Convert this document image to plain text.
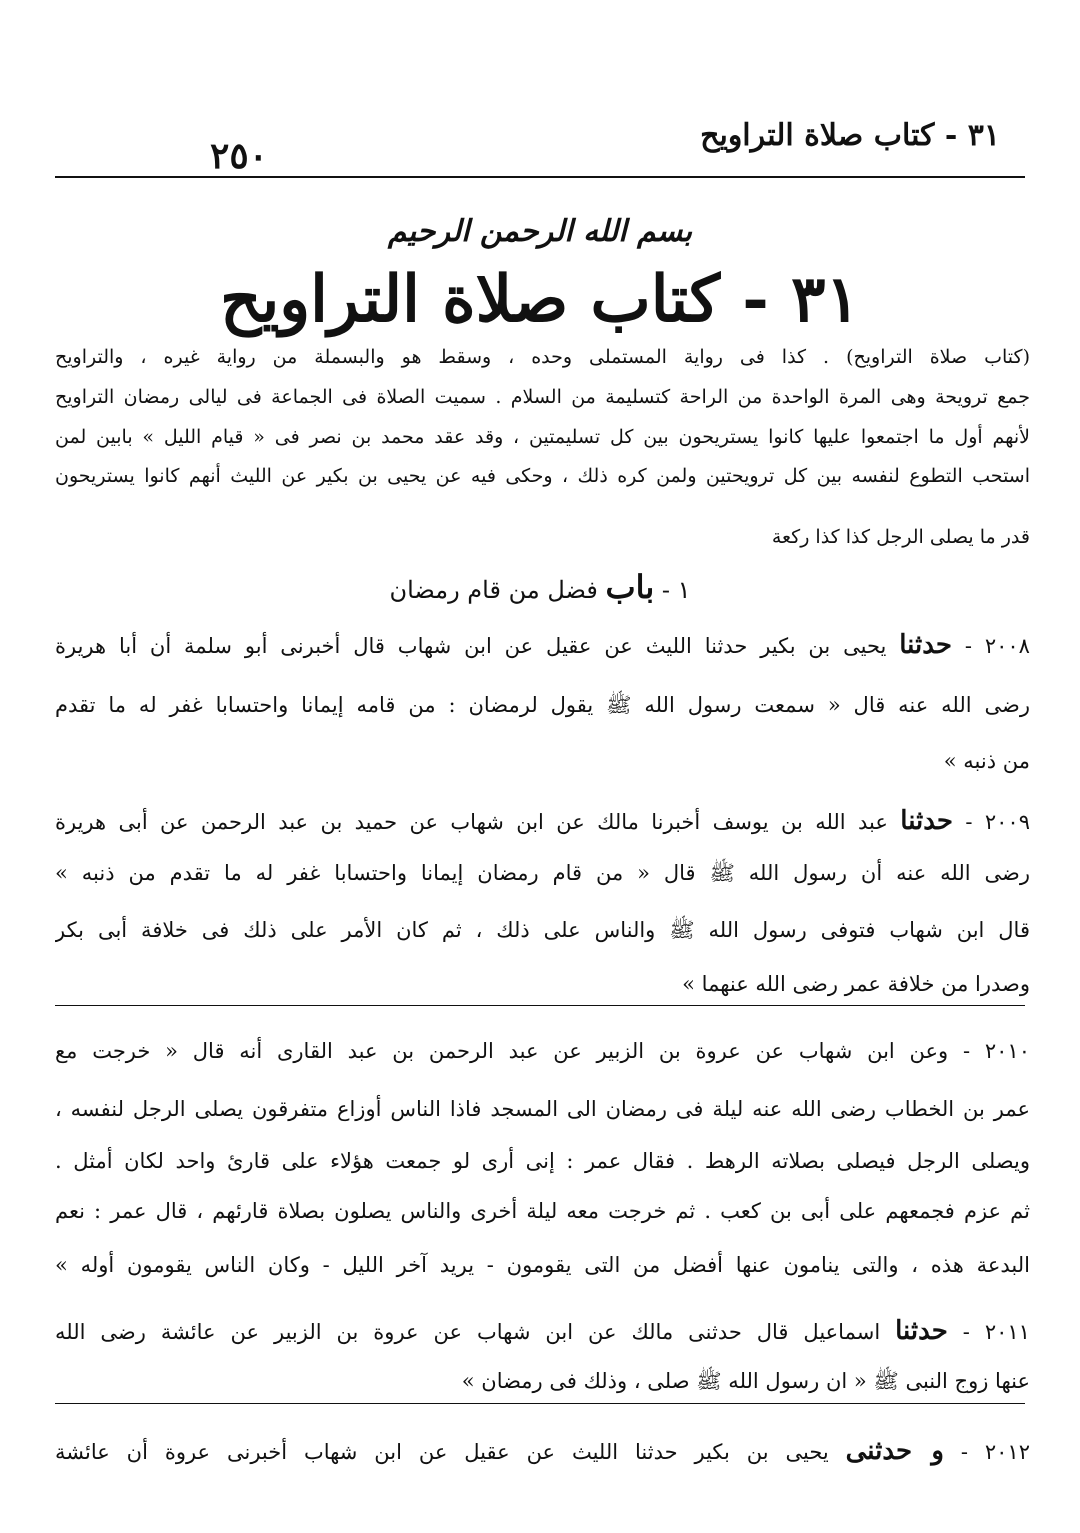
٣١ - كتاب صلاة التراويح
٢٥٠
بسم الله الرحمن الرحيم
٣١ - كتاب صلاة التراويح
(كتاب صلاة التراويح) . كذا فى رواية المستملى وحده ، وسقط هو والبسملة من رواية غيره ، والتراويح
جمع ترويحة وهى المرة الواحدة من الراحة كتسليمة من السلام . سميت الصلاة فى الجماعة فى ليالى رمضان التراويح
لأنهم أول ما اجتمعوا عليها كانوا يستريحون بين كل تسليمتين ، وقد عقد محمد بن نصر فى « قيام الليل » بابين لمن
استحب التطوع لنفسه بين كل ترويحتين ولمن كره ذلك ، وحكى فيه عن يحيى بن بكير عن الليث أنهم كانوا يستريحون
قدر ما يصلى الرجل كذا كذا ركعة
١ - باب فضل من قام رمضان
٢٠٠٨ - حدثنا يحيى بن بكير حدثنا الليث عن عقيل عن ابن شهاب قال أخبرنى أبو سلمة أن أبا هريرة
رضى الله عنه قال « سمعت رسول الله ﷺ يقول لرمضان : من قامه إيمانا واحتسابا غفر له ما تقدم
من ذنبه »
٢٠٠٩ - حدثنا عبد الله بن يوسف أخبرنا مالك عن ابن شهاب عن حميد بن عبد الرحمن عن أبى هريرة
رضى الله عنه أن رسول الله ﷺ قال « من قام رمضان إيمانا واحتسابا غفر له ما تقدم من ذنبه »
قال ابن شهاب فتوفى رسول الله ﷺ والناس على ذلك ، ثم كان الأمر على ذلك فى خلافة أبى بكر
وصدرا من خلافة عمر رضى الله عنهما »
٢٠١٠ - وعن ابن شهاب عن عروة بن الزبير عن عبد الرحمن بن عبد القارى أنه قال « خرجت مع
عمر بن الخطاب رضى الله عنه ليلة فى رمضان الى المسجد فاذا الناس أوزاع متفرقون يصلى الرجل لنفسه ،
ويصلى الرجل فيصلى بصلاته الرهط . فقال عمر : إنى أرى لو جمعت هؤلاء على قارئ واحد لكان أمثل .
ثم عزم فجمعهم على أبى بن كعب . ثم خرجت معه ليلة أخرى والناس يصلون بصلاة قارئهم ، قال عمر : نعم
البدعة هذه ، والتى ينامون عنها أفضل من التى يقومون - يريد آخر الليل - وكان الناس يقومون أوله »
٢٠١١ - حدثنا اسماعيل قال حدثنى مالك عن ابن شهاب عن عروة بن الزبير عن عائشة رضى الله
عنها زوج النبى ﷺ « ان رسول الله ﷺ صلى ، وذلك فى رمضان »
٢٠١٢ - و حدثنى يحيى بن بكير حدثنا الليث عن عقيل عن ابن شهاب أخبرنى عروة أن عائشة
